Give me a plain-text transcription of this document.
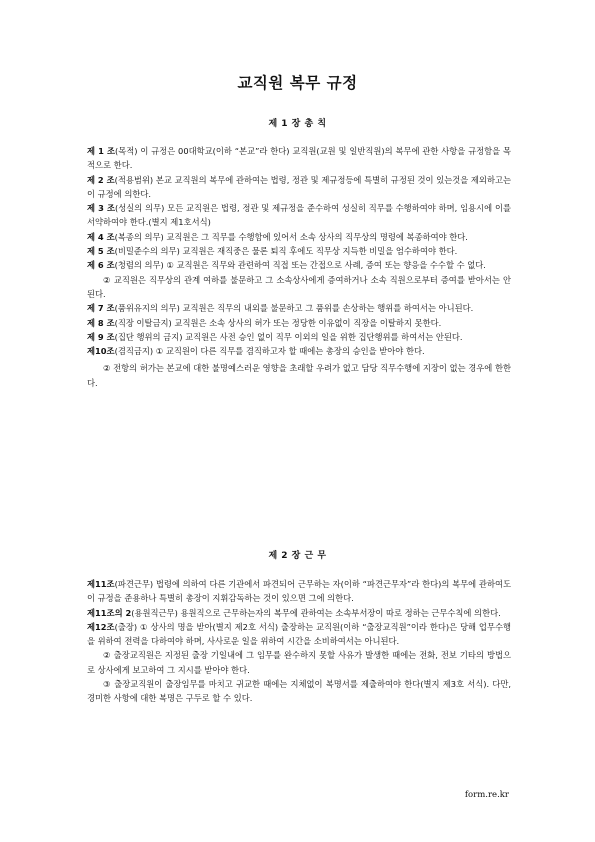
교직원 복무 규정
제 1 장 총 칙

제 1 조(목적) 이 규정은 00대학교(이하 “본교”라 한다) 교직원(교원 및 일반직원)의 복무에 관한 사항을 규정함을 목적으로 한다.

제 2 조(적용범위) 본교 교직원의 복무에 관하여는 법령, 정관 및 제규정등에 특별히 규정된 것이 있는것을 제외하고는 이 규정에 의한다.

제 3 조(성실의 의무) 모든 교직원은 법령, 정관 및 제규정을 준수하여 성실히 직무를 수행하여야 하며, 임용시에 이를 서약하여야 한다.(별지 제1호서식)

제 4 조(복종의 의무) 교직원은 그 직무를 수행함에 있어서 소속 상사의 직무상의 명령에 복종하여야 한다.

제 5 조(비밀준수의 의무) 교직원은 재직중은 물론 퇴직 후에도 직무상 지득한 비밀을 엄수하여야 한다.

제 6 조(청렴의 의무) ① 교직원은 직무와 관련하여 직접 또는 간접으로 사례, 증여 또는 향응을 수수할 수 없다.

② 교직원은 직무상의 관계 여하를 불문하고 그 소속상사에게 증여하거나 소속 직원으로부터 증여를 받아서는 안된다.

제 7 조(품위유지의 의무) 교직원은 직무의 내외를 불문하고 그 품위를 손상하는 행위를 하여서는 아니된다.

제 8 조(직장 이탈금지) 교직원은 소속 상사의 허가 또는 정당한 이유없이 직장을 이탈하지 못한다.

제 9 조(집단 행위의 금지) 교직원은 사전 승인 없이 직무 이외의 일을 위한 집단행위를 하여서는 안된다.

제10조(겸직금지) ① 교직원이 다른 직무를 겸직하고자 할 때에는 총장의 승인을 받아야 한다.

② 전항의 허가는 본교에 대한 불명예스러운 영향을 초래할 우려가 없고 담당 직무수행에 지장이 없는 경우에 한한다.

제 2 장 근 무

제11조(파견근무) 법령에 의하여 다른 기관에서 파견되어 근무하는 자(이하 “파견근무자”라 한다)의 복무에 관하여도 이 규정을 준용하나 특별히 총장이 지휘감독하는 것이 있으면 그에 의한다.

제11조의 2(용원직근무) 용원직으로 근무하는자의 복무에 관하여는 소속부서장이 따로 정하는 근무수칙에 의한다.

제12조(출장) ① 상사의 명을 받아(별지 제2호 서식) 출장하는 교직원(이하 “출장교직원”이라 한다)은 당해 업무수행을 위하여 전력을 다하여야 하며, 사사로운 일을 위하여 시간을 소비하여서는 아니된다.

② 출장교직원은 지정된 출장 기일내에 그 임무를 완수하지 못할 사유가 발생한 때에는 전화, 전보 기타의 방법으로 상사에게 보고하여 그 지시를 받아야 한다.

③ 출장교직원이 출장임무를 마치고 귀교한 때에는 지체없이 복명서를 제출하여야 한다(별지 제3호 서식). 다만, 경미한 사항에 대한 복명은 구두로 할 수 있다.

form.re.kr
